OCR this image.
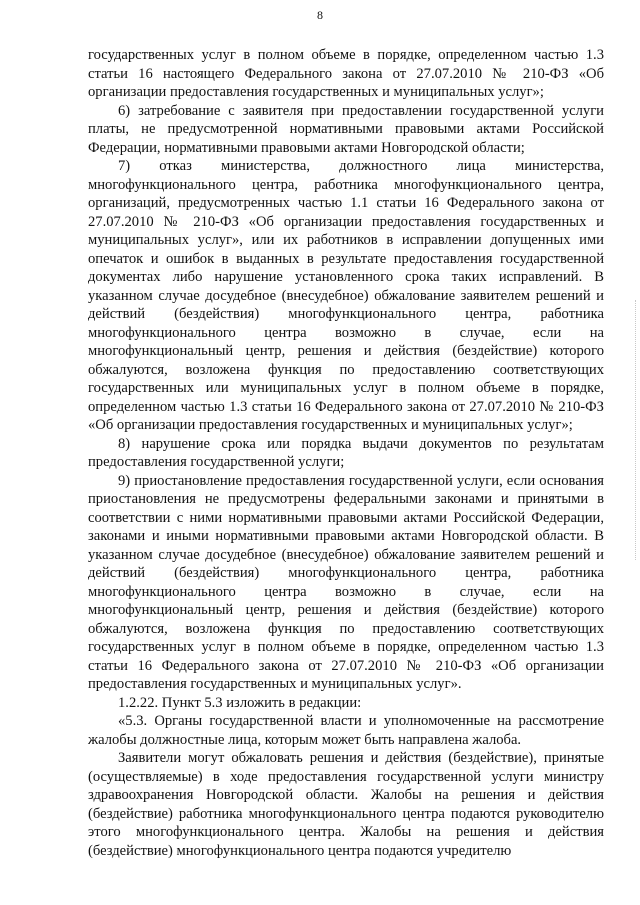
8

государственных услуг в полном объеме в порядке, определенном частью 1.3 статьи 16 настоящего Федерального закона от 27.07.2010 № 210-ФЗ «Об организации предоставления государственных и муниципальных услуг»;

6) затребование с заявителя при предоставлении государственной услуги платы, не предусмотренной нормативными правовыми актами Российской Федерации, нормативными правовыми актами Новгородской области;

7) отказ министерства, должностного лица министерства, многофункционального центра, работника многофункционального центра, организаций, предусмотренных частью 1.1 статьи 16 Федерального закона от 27.07.2010 № 210-ФЗ «Об организации предоставления государственных и муниципальных услуг», или их работников в исправлении допущенных ими опечаток и ошибок в выданных в результате предоставления государственной документах либо нарушение установленного срока таких исправлений. В указанном случае досудебное (внесудебное) обжалование заявителем решений и действий (бездействия) многофункционального центра, работника многофункционального центра возможно в случае, если на многофункциональный центр, решения и действия (бездействие) которого обжалуются, возложена функция по предоставлению соответствующих государственных или муниципальных услуг в полном объеме в порядке, определенном частью 1.3 статьи 16 Федерального закона от 27.07.2010 № 210-ФЗ «Об организации предоставления государственных и муниципальных услуг»;

8) нарушение срока или порядка выдачи документов по результатам предоставления государственной услуги;

9) приостановление предоставления государственной услуги, если основания приостановления не предусмотрены федеральными законами и принятыми в соответствии с ними нормативными правовыми актами Российской Федерации, законами и иными нормативными правовыми актами Новгородской области. В указанном случае досудебное (внесудебное) обжалование заявителем решений и действий (бездействия) многофункционального центра, работника многофункционального центра возможно в случае, если на многофункциональный центр, решения и действия (бездействие) которого обжалуются, возложена функция по предоставлению соответствующих государственных услуг в полном объеме в порядке, определенном частью 1.3 статьи 16 Федерального закона от 27.07.2010 № 210-ФЗ «Об организации предоставления государственных и муниципальных услуг».

1.2.22. Пункт 5.3 изложить в редакции:

«5.3. Органы государственной власти и уполномоченные на рассмотрение жалобы должностные лица, которым может быть направлена жалоба.

Заявители могут обжаловать решения и действия (бездействие), принятые (осуществляемые) в ходе предоставления государственной услуги министру здравоохранения Новгородской области. Жалобы на решения и действия (бездействие) работника многофункционального центра подаются руководителю этого многофункционального центра. Жалобы на решения и действия (бездействие) многофункционального центра подаются учредителю
